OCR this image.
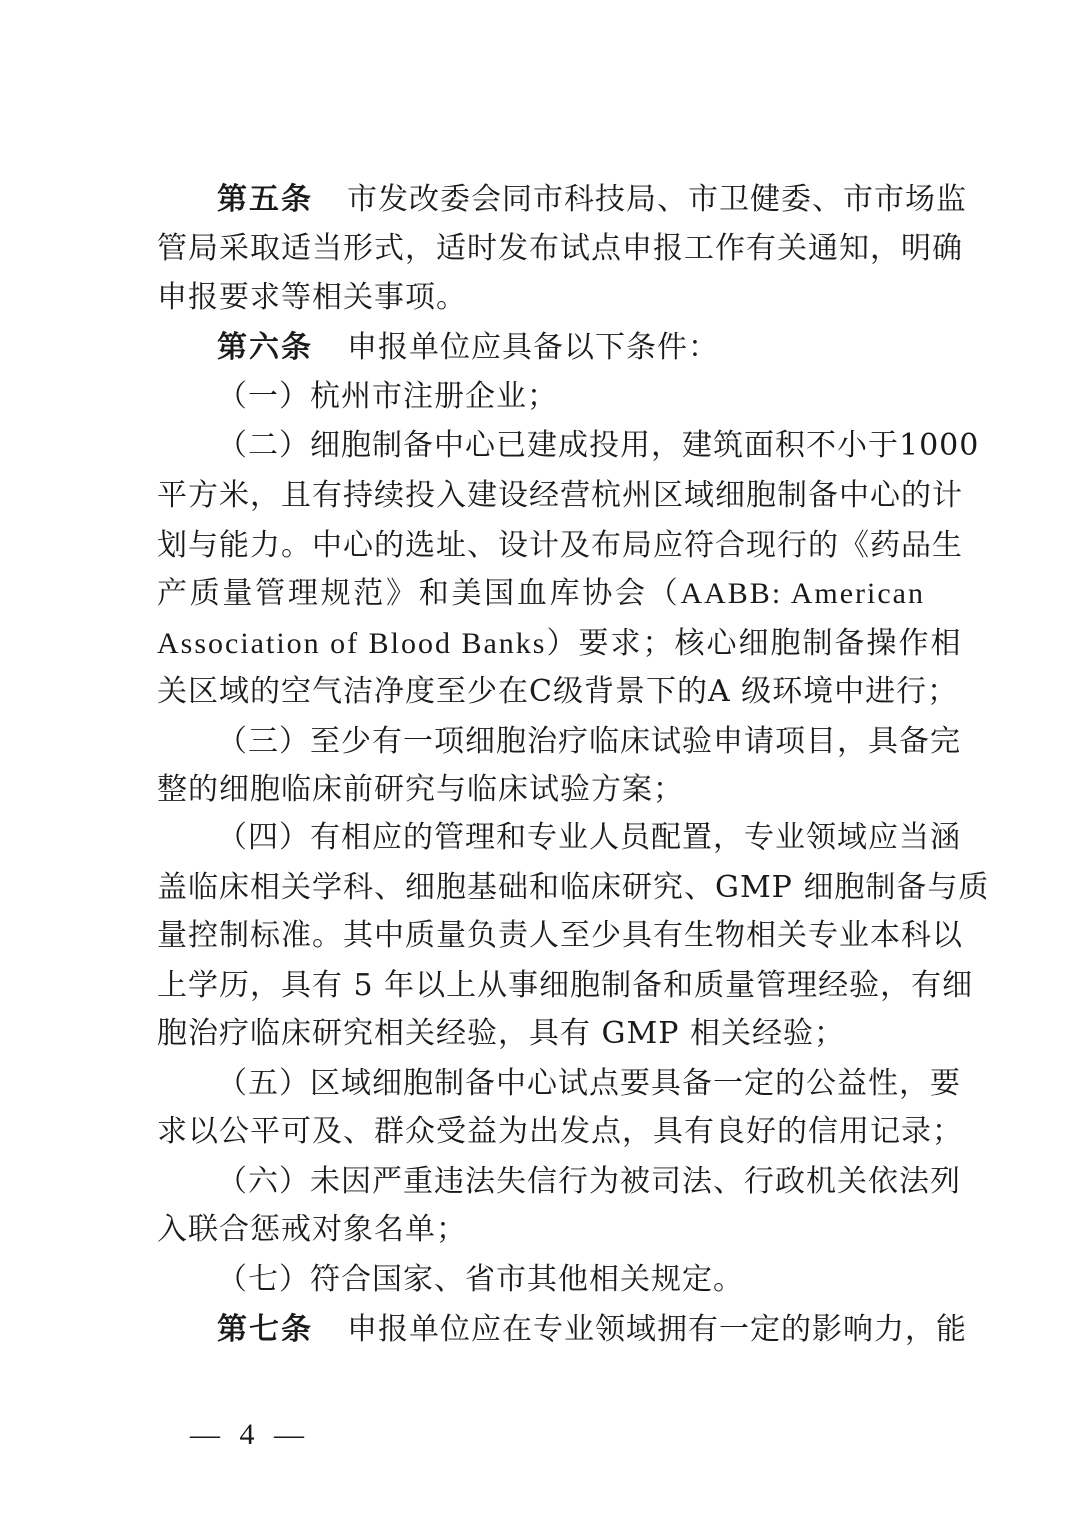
第五条 市发改委会同市科技局、市卫健委、市市场监
管局采取适当形式，适时发布试点申报工作有关通知，明确
申报要求等相关事项。
第六条 申报单位应具备以下条件：
（一）杭州市注册企业；
（二）细胞制备中心已建成投用，建筑面积不小于1000
平方米，且有持续投入建设经营杭州区域细胞制备中心的计
划与能力。中心的选址、设计及布局应符合现行的《药品生
产质量管理规范》和美国血库协会（AABB: American
Association of Blood Banks）要求；核心细胞制备操作相
关区域的空气洁净度至少在C级背景下的A 级环境中进行；
（三）至少有一项细胞治疗临床试验申请项目，具备完
整的细胞临床前研究与临床试验方案；
（四）有相应的管理和专业人员配置，专业领域应当涵
盖临床相关学科、细胞基础和临床研究、GMP 细胞制备与质
量控制标准。其中质量负责人至少具有生物相关专业本科以
上学历，具有 5 年以上从事细胞制备和质量管理经验，有细
胞治疗临床研究相关经验，具有 GMP 相关经验；
（五）区域细胞制备中心试点要具备一定的公益性，要
求以公平可及、群众受益为出发点，具有良好的信用记录；
（六）未因严重违法失信行为被司法、行政机关依法列
入联合惩戒对象名单；
（七）符合国家、省市其他相关规定。
第七条 申报单位应在专业领域拥有一定的影响力，能
— 4 —
